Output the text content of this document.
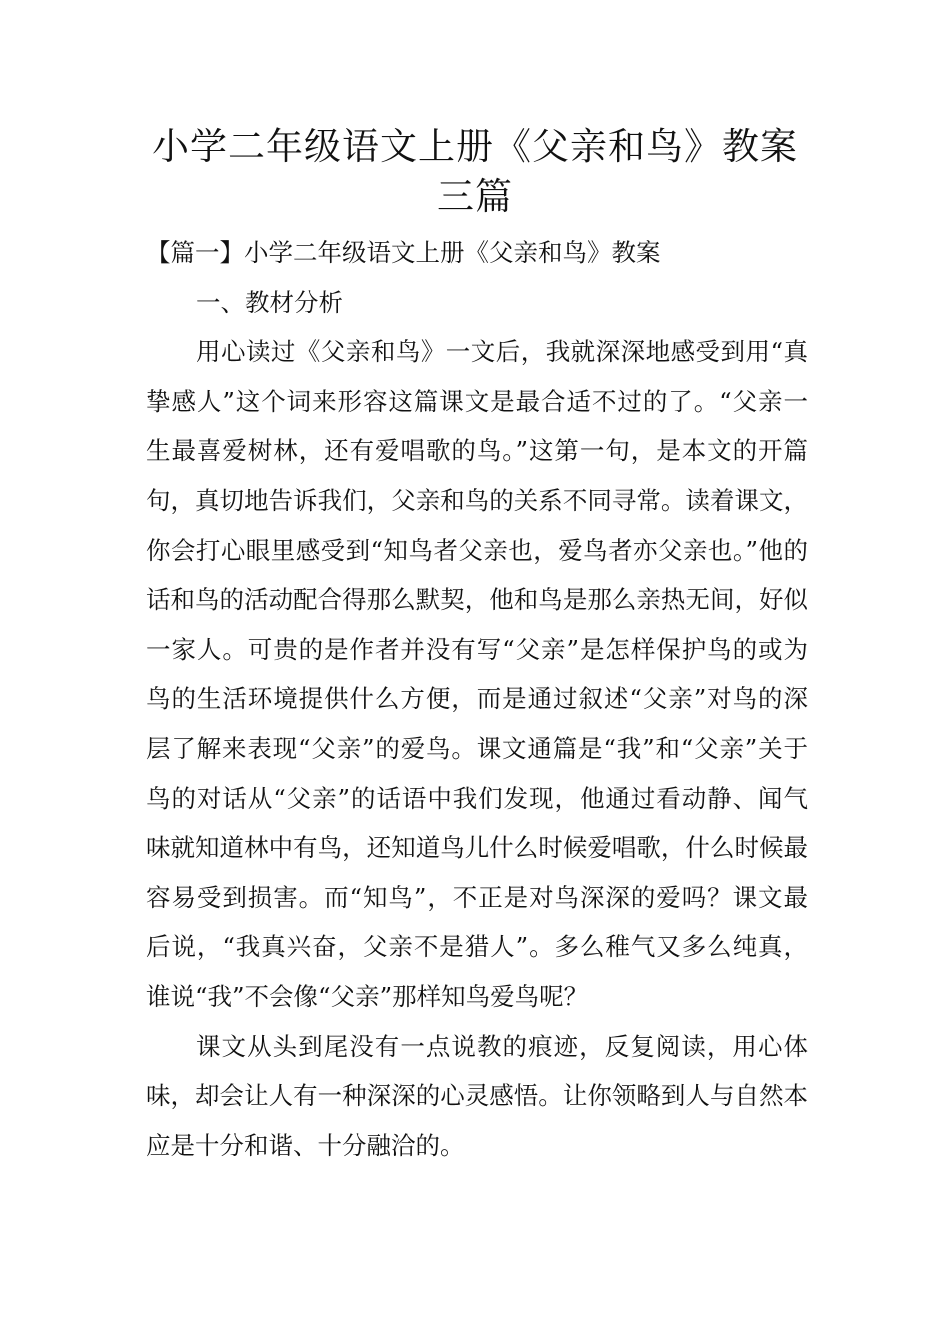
小学二年级语文上册《父亲和鸟》教案三篇

【篇一】小学二年级语文上册《父亲和鸟》教案

一、教材分析

用心读过《父亲和鸟》一文后，我就深深地感受到用“真挚感人”这个词来形容这篇课文是最合适不过的了。“父亲一生最喜爱树林，还有爱唱歌的鸟。”这第一句，是本文的开篇句，真切地告诉我们，父亲和鸟的关系不同寻常。读着课文，你会打心眼里感受到“知鸟者父亲也，爱鸟者亦父亲也。”他的话和鸟的活动配合得那么默契，他和鸟是那么亲热无间，好似一家人。可贵的是作者并没有写“父亲”是怎样保护鸟的或为鸟的生活环境提供什么方便，而是通过叙述“父亲”对鸟的深层了解来表现“父亲”的爱鸟。课文通篇是“我”和“父亲”关于鸟的对话从“父亲”的话语中我们发现，他通过看动静、闻气味就知道林中有鸟，还知道鸟儿什么时候爱唱歌，什么时候最容易受到损害。而“知鸟”，不正是对鸟深深的爱吗？课文最后说，“我真兴奋，父亲不是猎人”。多么稚气又多么纯真，谁说“我”不会像“父亲”那样知鸟爱鸟呢？

课文从头到尾没有一点说教的痕迹，反复阅读，用心体味，却会让人有一种深深的心灵感悟。让你领略到人与自然本应是十分和谐、十分融洽的。
